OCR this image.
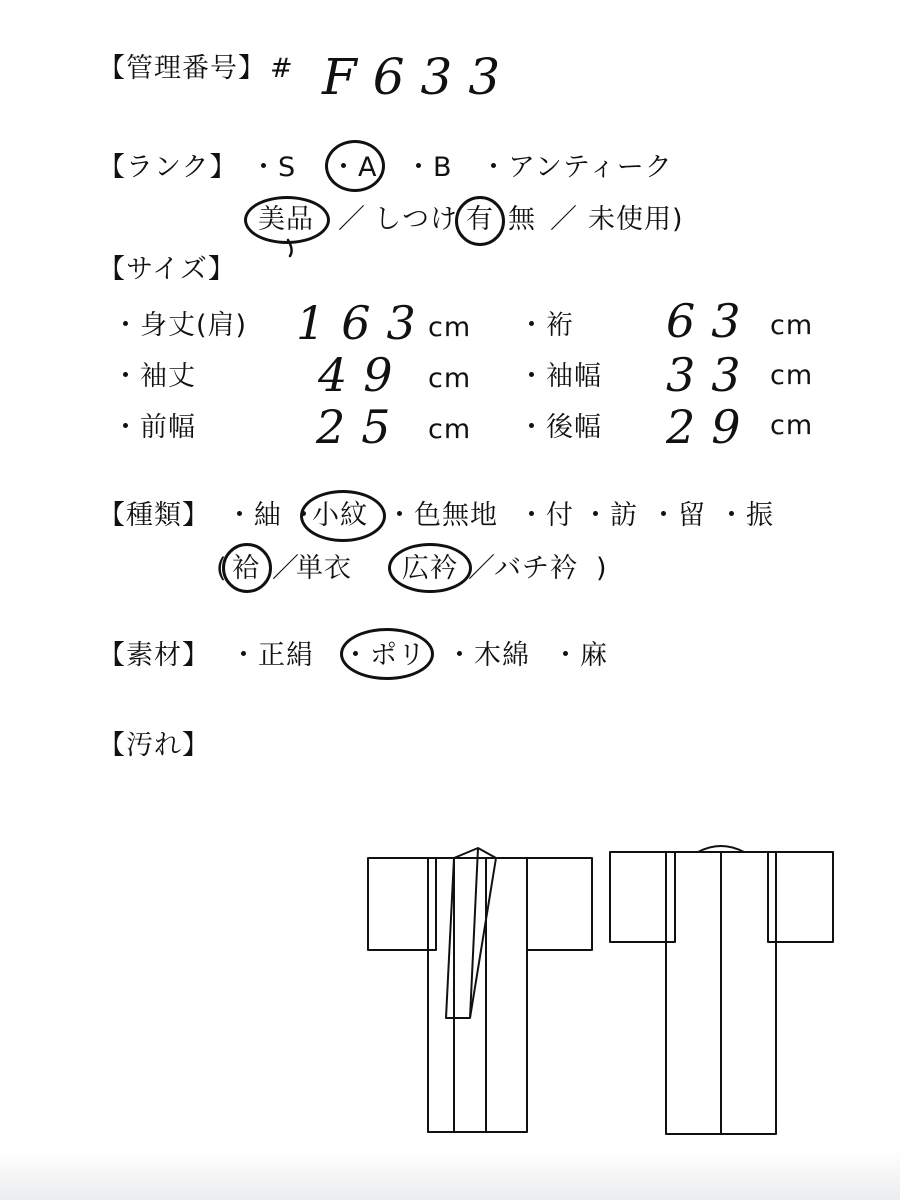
【管理番号】 # F633
【ランク】 ・S ・A ・B ・アンティーク
美品 ／ しつけ 有 無 ／ 未使用)
【サイズ】
・身丈(肩) 163
cm ・裄 63 cm
・袖丈	49 cm ・袖幅 33 cm
・前幅	25 cm ・後幅 29 cm
【種類】 ・紬 ・
小紋 ・色無地 ・付 ・訪 ・留 ・振
( 袷 ／
単衣 広衿 ／
バチ衿 )
【素材】 ・正絹 ・ポリ ・木綿 ・麻
【汚れ】
